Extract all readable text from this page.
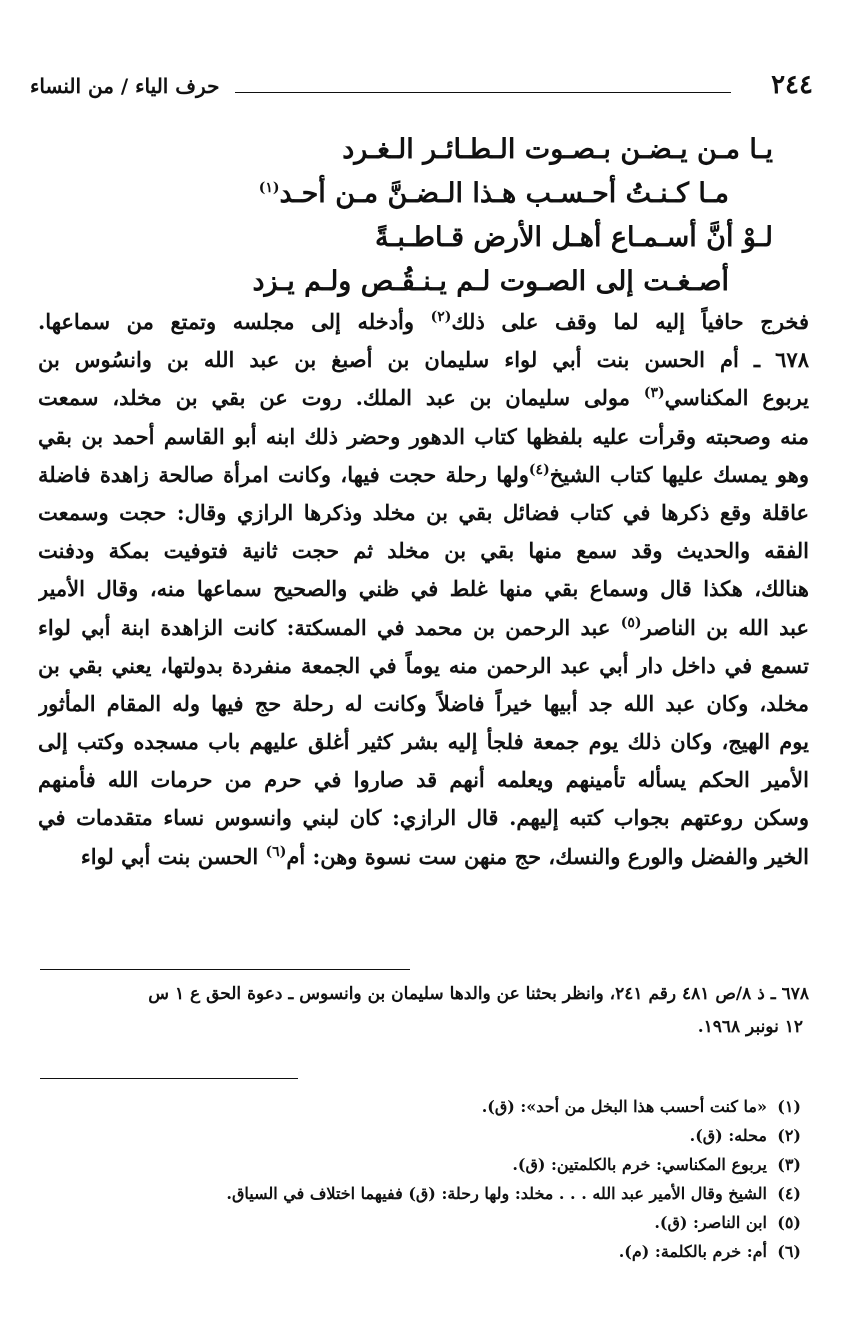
٢٤٤
حرف الياء / من النساء
يـا مـن يـضـن بـصـوت الـطـائـر الـغـرد
مـا كـنـتُ أحـسـب هـذا الـضـنَّ مـن أحـد$^{(١)}$
لـوْ أنَّ أسـمـاع أهـل الأرض قـاطـبـةً
أصـغـت إلى الصـوت لـم يـنـقُـص ولـم يـزد
فخرج حافياً إليه لما وقف على ذلك$^{(٢)}$ وأدخله إلى مجلسه وتمتع من سماعها.
٦٧٨ ـ أم الحسن بنت أبي لواء سليمان بن أصبغ بن عبد الله بن وانسُوس بن
يربوع المكناسي$^{(٣)}$ مولى سليمان بن عبد الملك. روت عن بقي بن مخلد، سمعت
منه وصحبته وقرأت عليه بلفظها كتاب الدهور وحضر ذلك ابنه أبو القاسم أحمد بن بقي
وهو يمسك عليها كتاب الشيخ$^{(٤)}$ولها رحلة حجت فيها، وكانت امرأة صالحة زاهدة فاضلة
عاقلة وقع ذكرها في كتاب فضائل بقي بن مخلد وذكرها الرازي وقال: حجت وسمعت
الفقه والحديث وقد سمع منها بقي بن مخلد ثم حجت ثانية فتوفيت بمكة ودفنت
هنالك، هكذا قال وسماع بقي منها غلط في ظني والصحيح سماعها منه، وقال الأمير
عبد الله بن الناصر$^{(٥)}$ عبد الرحمن بن محمد في المسكتة: كانت الزاهدة ابنة أبي لواء
تسمع في داخل دار أبي عبد الرحمن منه يوماً في الجمعة منفردة بدولتها، يعني بقي بن
مخلد، وكان عبد الله جد أبيها خيراً فاضلاً وكانت له رحلة حج فيها وله المقام المأثور
يوم الهيج، وكان ذلك يوم جمعة فلجأ إليه بشر كثير أغلق عليهم باب مسجده وكتب إلى
الأمير الحكم يسأله تأمينهم ويعلمه أنهم قد صاروا في حرم من حرمات الله فأمنهم
وسكن روعتهم بجواب كتبه إليهم. قال الرازي: كان لبني وانسوس نساء متقدمات في
الخير والفضل والورع والنسك، حج منهن ست نسوة وهن: أم$^{(٦)}$ الحسن بنت أبي لواء
٦٧٨ ـ ذ ٨/ص ٤٨١ رقم ٢٤١، وانظر بحثنا عن والدها سليمان بن وانسوس ـ دعوة الحق ع ١ س
١٢ نونبر ١٩٦٨.
(١)«ما كنت أحسب هذا البخل من أحد»: (ق).
(٢)محله: (ق).
(٣)يربوع المكناسي: خرم بالكلمتين: (ق).
(٤)الشيخ وقال الأمير عبد الله . . . مخلد: ولها رحلة: (ق) ففيهما اختلاف في السياق.
(٥)ابن الناصر: (ق).
(٦)أم: خرم بالكلمة: (م).
